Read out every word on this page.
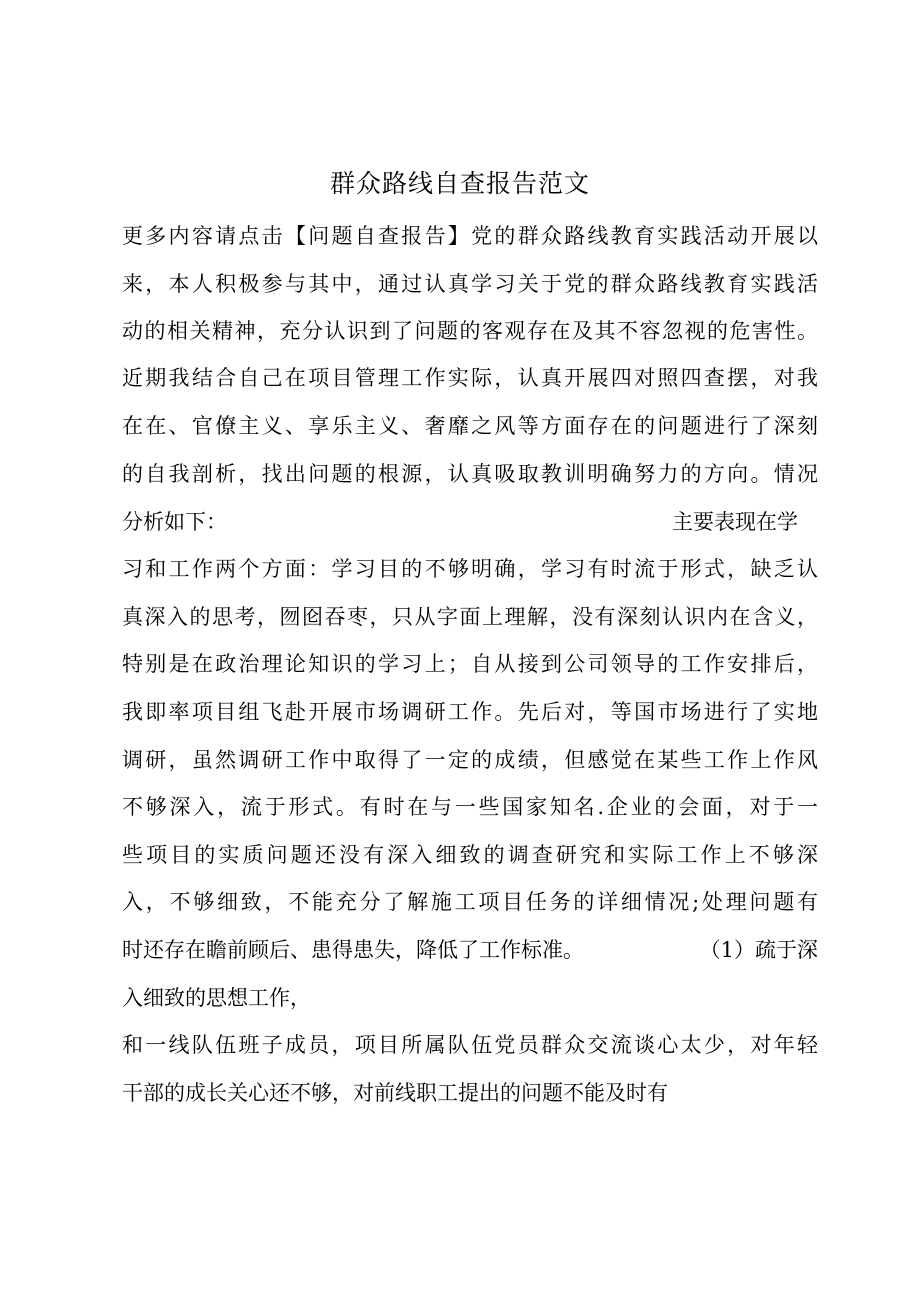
群众路线自查报告范文
更多内容请点击【问题自查报告】党的群众路线教育实践活动开展以
来，本人积极参与其中，通过认真学习关于党的群众路线教育实践活
动的相关精神，充分认识到了问题的客观存在及其不容忽视的危害性。
近期我结合自己在项目管理工作实际，认真开展四对照四查摆，对我
在在、官僚主义、享乐主义、奢靡之风等方面存在的问题进行了深刻
的自我剖析，找出问题的根源，认真吸取教训明确努力的方向。情况
分析如下：	主要表现在学
习和工作两个方面：学习目的不够明确，学习有时流于形式，缺乏认
真深入的思考，囫囵吞枣，只从字面上理解，没有深刻认识内在含义，
特别是在政治理论知识的学习上；自从接到公司领导的工作安排后，
我即率项目组飞赴开展市场调研工作。先后对，等国市场进行了实地
调研，虽然调研工作中取得了一定的成绩，但感觉在某些工作上作风
不够深入，流于形式。有时在与一些国家知名.企业的会面，对于一
些项目的实质问题还没有深入细致的调查研究和实际工作上不够深
入，不够细致，不能充分了解施工项目任务的详细情况;处理问题有
时还存在瞻前顾后、患得患失，降低了工作标准。	（1）疏于深
入细致的思想工作，
和一线队伍班子成员，项目所属队伍党员群众交流谈心太少，对年轻
干部的成长关心还不够，对前线职工提出的问题不能及时有
